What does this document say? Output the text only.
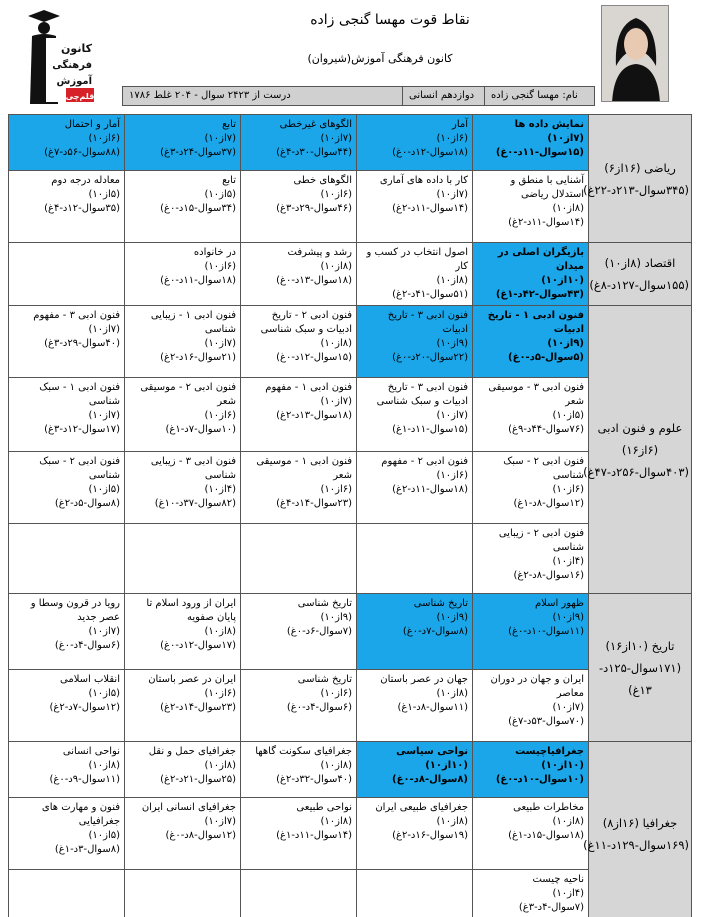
کانون
فرهنگی
آموزش
قلم‌چی
نقاط قوت مهسا گنجی زاده
کانون فرهنگی آموزش(شیروان)
نام: مهسا گنجی زاده
دوازدهم انسانی
۱۷۸۶ درست از ۲۴۲۳ سوال - ۲۰۴ غلط
ریاضی (۱۶از۶)
(۳۴۵سوال-۲۱۳د-۲۲غ)	نمایش داده ها
(۷از۱۰)
(۱۵سوال-۱۱د-۰غ)	آمار
(۶از۱۰)
(۱۸سوال-۱۲د-۰غ)	الگوهای غیرخطی
(۷از۱۰)
(۴۴سوال-۳۰د-۴غ)	تابع
(۷از۱۰)
(۳۷سوال-۲۴د-۳غ)	آمار و احتمال
(۶از۱۰)
(۸۸سوال-۵۶د-۷غ)

	آشنایی با منطق و استدلال ریاضی
(۸از۱۰)
(۱۴سوال-۱۱د-۲غ)	کار با داده های آماری
(۷از۱۰)
(۱۴سوال-۱۱د-۲غ)	الگوهای خطی
(۶از۱۰)
(۴۶سوال-۲۹د-۳غ)	تابع
(۵از۱۰)
(۳۴سوال-۱۵د-۰غ)	معادله درجه دوم
(۵از۱۰)
(۳۵سوال-۱۲د-۴غ)

اقتصاد (۸از۱۰)
(۱۵۵سوال-۱۲۷د-۸غ)	بازیگران اصلی در میدان
(۱۰از۱۰)
(۴۳سوال-۴۲د-۱غ)	اصول انتخاب در کسب و کار
(۸از۱۰)
(۵۱سوال-۴۱د-۲غ)	رشد و پیشرفت
(۸از۱۰)
(۱۸سوال-۱۳د-۰غ)	در خانواده
(۶از۱۰)
(۱۸سوال-۱۱د-۰غ)	

علوم و فنون ادبی
(۶از۱۶)
(۴۰۳سوال-۲۵۶د-۴۷غ)	فنون ادبی ۱ - تاریخ ادبیات
(۹از۱۰)
(۵سوال-۵د-۰غ)	فنون ادبی ۳ - تاریخ ادبیات
(۹از۱۰)
(۲۲سوال-۲۰د-۰غ)	فنون ادبی ۲ - تاریخ ادبیات و سبک شناسی
(۸از۱۰)
(۱۵سوال-۱۲د-۰غ)	فنون ادبی ۱ - زیبایی شناسی
(۷از۱۰)
(۲۱سوال-۱۶د-۲غ)	فنون ادبی ۳ - مفهوم
(۷از۱۰)
(۴۰سوال-۲۹د-۳غ)

	فنون ادبی ۳ - موسیقی شعر
(۵از۱۰)
(۷۶سوال-۴۴د-۹غ)	فنون ادبی ۳ - تاریخ ادبیات و سبک شناسی
(۷از۱۰)
(۱۵سوال-۱۱د-۱غ)	فنون ادبی ۱ - مفهوم
(۷از۱۰)
(۱۸سوال-۱۳د-۲غ)	فنون ادبی ۲ - موسیقی شعر
(۶از۱۰)
(۱۰سوال-۷د-۱غ)	فنون ادبی ۱ - سبک شناسی
(۷از۱۰)
(۱۷سوال-۱۲د-۳غ)

	فنون ادبی ۲ - سبک شناسی
(۶از۱۰)
(۱۲سوال-۸د-۱غ)	فنون ادبی ۲ - مفهوم
(۶از۱۰)
(۱۸سوال-۱۱د-۲غ)	فنون ادبی ۱ - موسیقی شعر
(۶از۱۰)
(۲۳سوال-۱۴د-۴غ)	فنون ادبی ۳ - زیبایی شناسی
(۴از۱۰)
(۸۲سوال-۳۷د-۱۰غ)	فنون ادبی ۲ - سبک شناسی
(۵از۱۰)
(۸سوال-۵د-۲غ)

	فنون ادبی ۲ - زیبایی شناسی
(۴از۱۰)
(۱۶سوال-۸د-۲غ)				

تاریخ (۱۰از۱۶)
(۱۷۱سوال-۱۲۵د-
۱۳غ)	ظهور اسلام
(۹از۱۰)
(۱۱سوال-۱۰د-۰غ)	تاریخ شناسی
(۹از۱۰)
(۸سوال-۷د-۰غ)	تاریخ شناسی
(۹از۱۰)
(۷سوال-۶د-۰غ)	ایران از ورود اسلام تا پایان صفویه
(۸از۱۰)
(۱۷سوال-۱۲د-۰غ)	رویا در قرون وسطا و عصر جدید
(۷از۱۰)
(۶سوال-۴د-۰غ)

	ایران و جهان در دوران معاصر
(۷از۱۰)
(۷۰سوال-۵۳د-۷غ)	جهان در عصر باستان
(۸از۱۰)
(۱۱سوال-۸د-۱غ)	تاریخ شناسی
(۶از۱۰)
(۶سوال-۴د-۰غ)	ایران در عصر باستان
(۶از۱۰)
(۲۳سوال-۱۴د-۲غ)	انقلاب اسلامی
(۵از۱۰)
(۱۲سوال-۷د-۲غ)

جغرافیا (۱۶از۸)
(۱۶۹سوال-۱۲۹د-۱۱غ)	جغرافیاچیست
(۱۰از۱۰)
(۱۰سوال-۱۰د-۰غ)	نواحی سیاسی
(۱۰از۱۰)
(۸سوال-۸د-۰غ)	جغرافیای سکونت گاهها
(۸از۱۰)
(۴۰سوال-۳۲د-۲غ)	جغرافیای حمل و نقل
(۸از۱۰)
(۲۵سوال-۲۱د-۲غ)	نواحی انسانی
(۸از۱۰)
(۱۱سوال-۹د-۰غ)

	مخاطرات طبیعی
(۸از۱۰)
(۱۸سوال-۱۵د-۱غ)	جغرافیای طبیعی ایران
(۸از۱۰)
(۱۹سوال-۱۶د-۲غ)	نواحی طبیعی
(۸از۱۰)
(۱۴سوال-۱۱د-۱غ)	جغرافیای انسانی ایران
(۷از۱۰)
(۱۲سوال-۸د-۰غ)	فنون و مهارت های جغرافیایی
(۵از۱۰)
(۸سوال-۳د-۱غ)

	ناحیه چیست
(۴از۱۰)
(۷سوال-۴د-۳غ)				
